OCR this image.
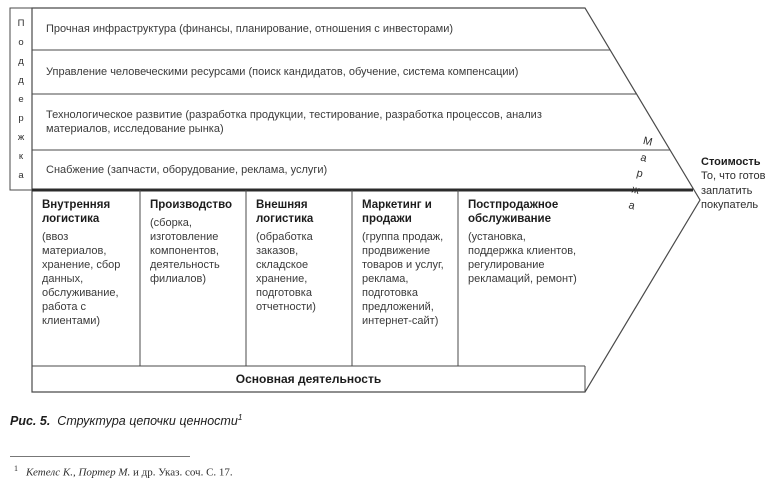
П
о
д
д
е
р
ж
к
а
Прочная инфраструктура (финансы, планирование, отношения с инвесторами)
Управление человеческими ресурсами (поиск кандидатов, обучение, система компенсации)
Технологическое развитие (разработка продукции, тестирование, разработка процессов, анализ материалов, исследование рынка)
Снабжение (запчасти, оборудование, реклама, услуги)
Внутренняя логистика
(ввоз материалов, хранение, сбор данных, обслуживание, работа с клиентами)
Производство
(сборка, изготовление компонентов, деятельность филиалов)
Внешняя логистика
(обработка заказов, складское хранение, подготовка отчетности)
Маркетинг и продажи
(группа продаж, продвижение товаров и услуг, реклама, подготовка предложений, интернет-сайт)
Постпродажное обслуживание
(установка, поддержка клиентов, регулирование рекламаций, ремонт)
Основная деятельность
М
а
р
ж
а
Стоимость
То, что готов заплатить покупатель
Рис. 5. Структура цепочки ценности$^1$
$^1$ Кетелс К., Портер М. и др. Указ. соч. С. 17.
